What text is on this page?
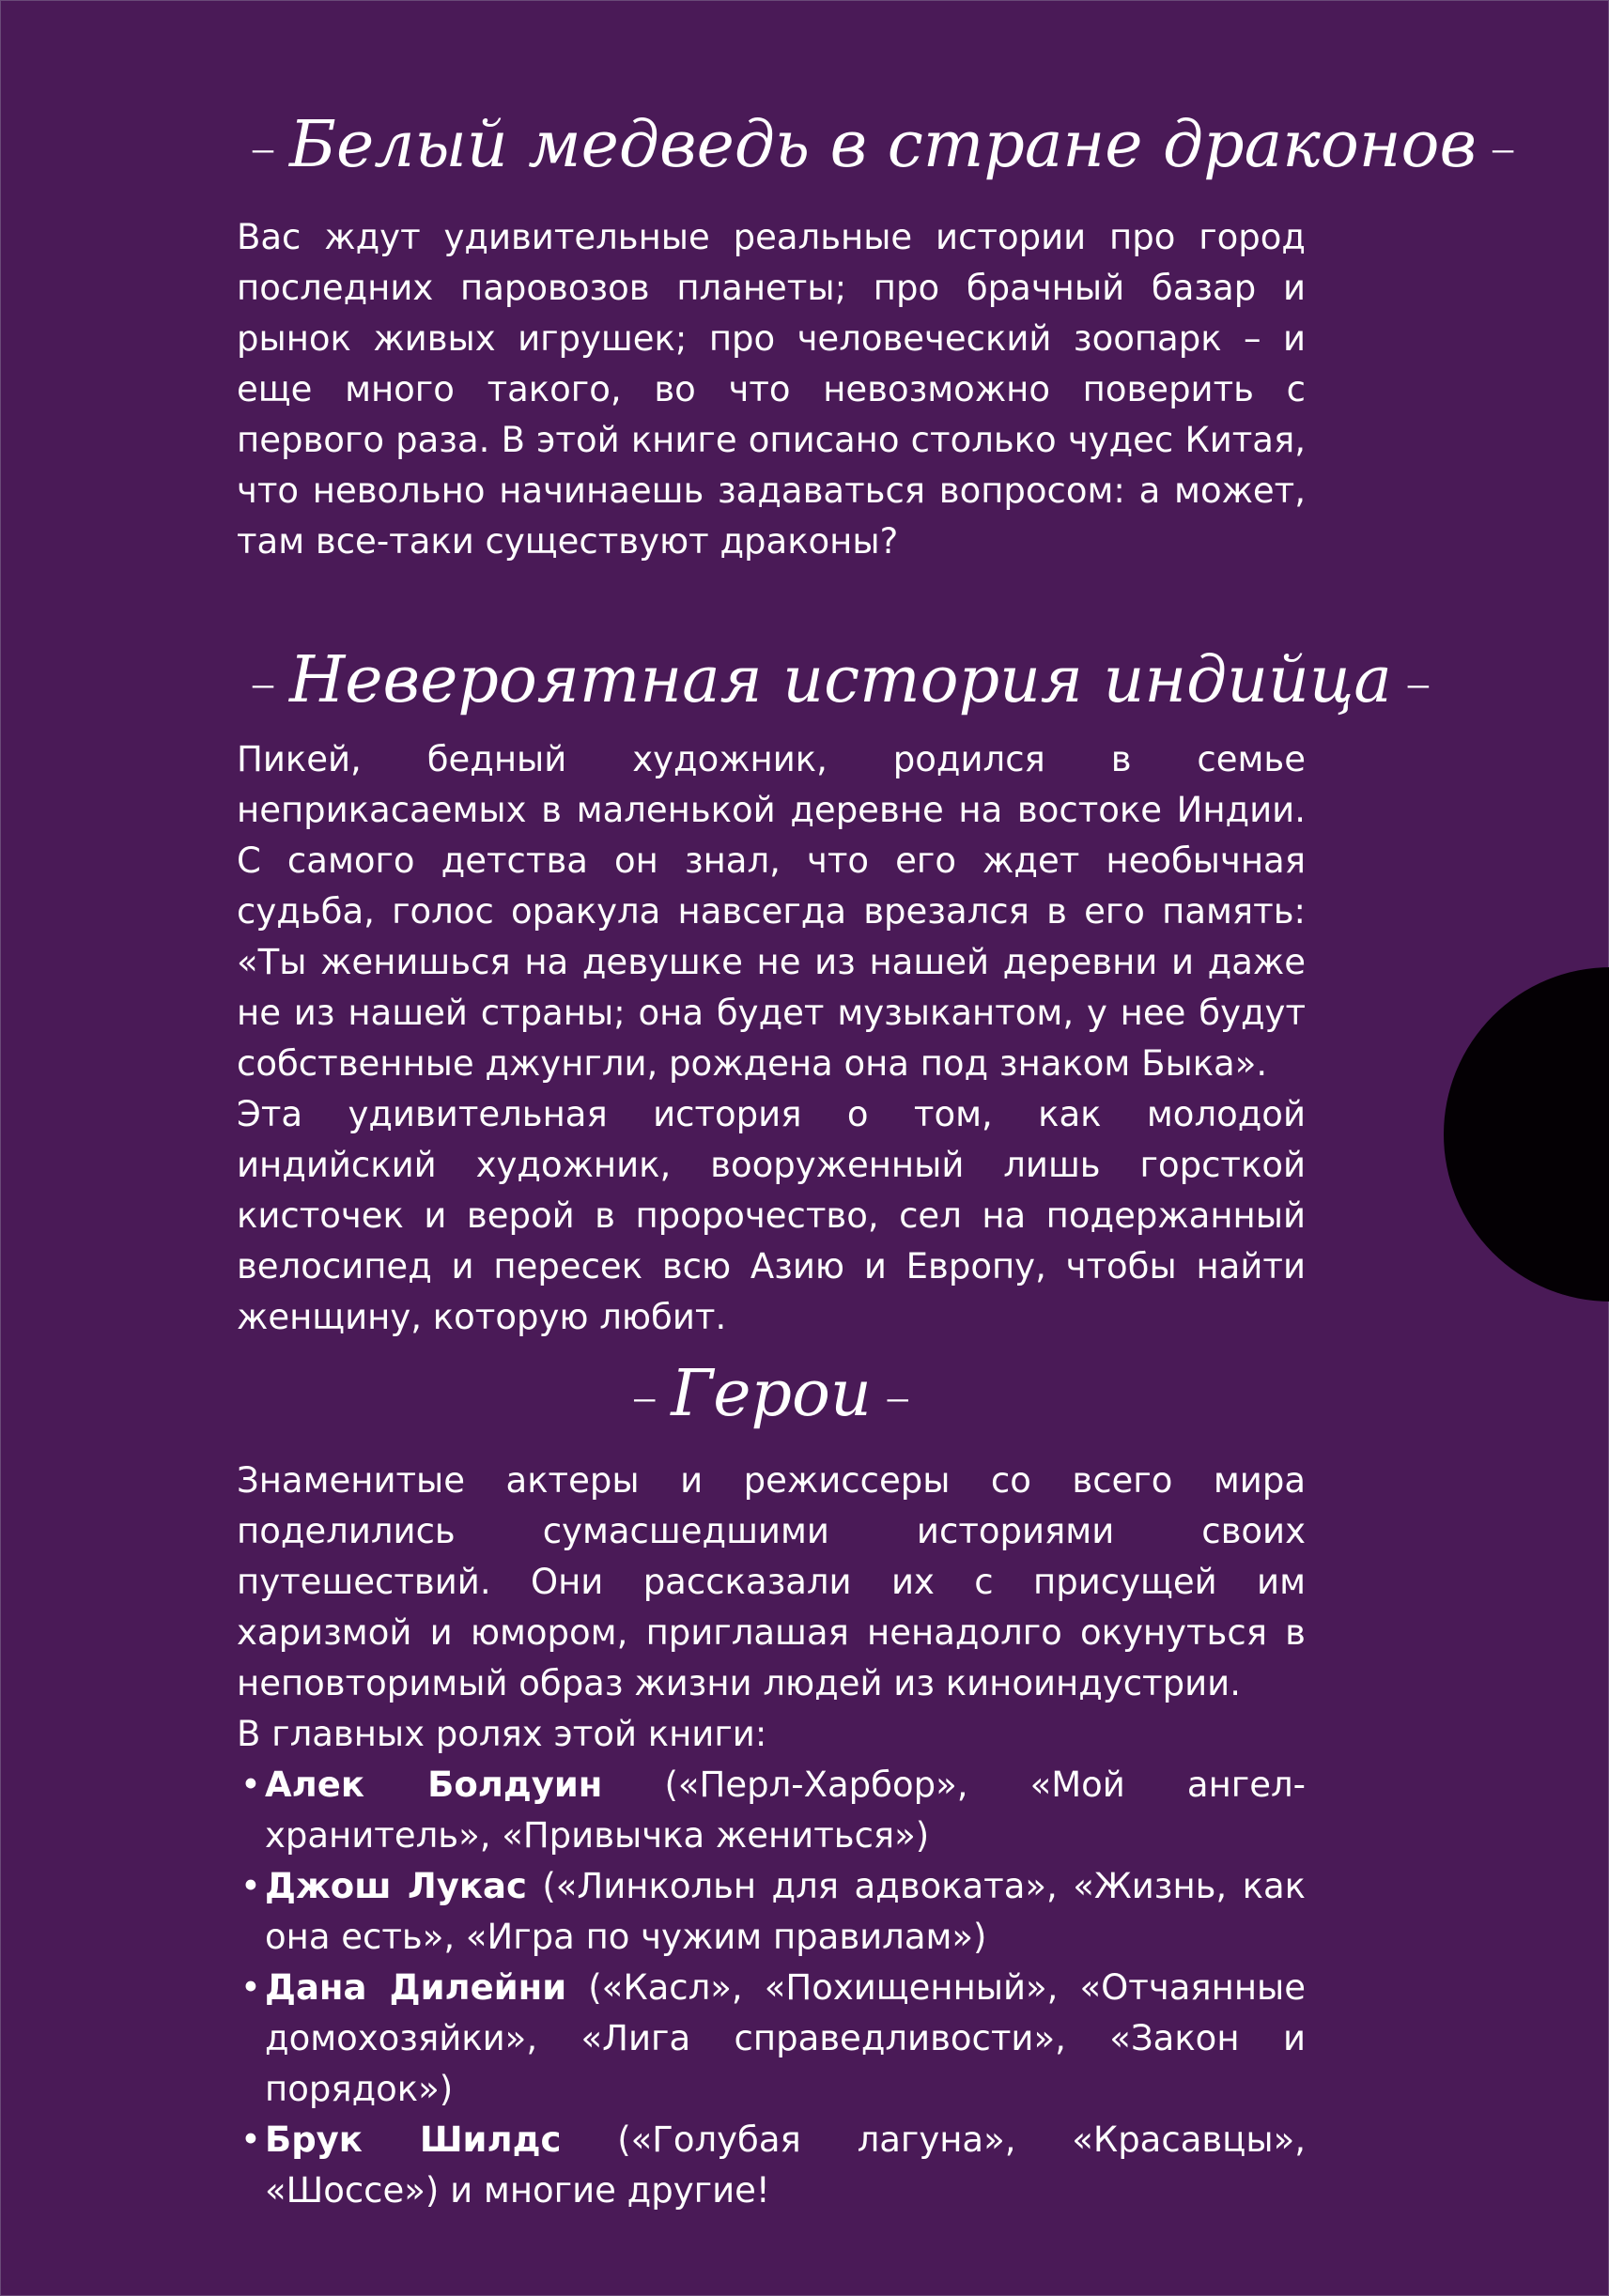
– Белый медведь в стране драконов –

Вас ждут удивительные реальные истории про город последних паровозов планеты; про брачный базар и рынок живых игрушек; про человеческий зоопарк – и еще много такого, во что невозможно поверить с первого раза. В этой книге описано столько чудес Китая, что невольно начинаешь задаваться вопросом: а может, там все-таки существуют драконы?

– Невероятная история индийца –

Пикей, бедный художник, родился в семье неприкасаемых в маленькой деревне на востоке Индии. С самого детства он знал, что его ждет необычная судьба, голос оракула навсегда врезался в его память: «Ты женишься на девушке не из нашей деревни и даже не из нашей страны; она будет музыкантом, у нее будут собственные джунгли, рождена она под знаком Быка».

Эта удивительная история о том, как молодой индийский художник, вооруженный лишь горсткой кисточек и верой в пророчество, сел на подержанный велосипед и пересек всю Азию и Европу, чтобы найти женщину, которую любит.

– Герои –

Знаменитые актеры и режиссеры со всего мира поделились сумасшедшими историями своих путешествий. Они рассказали их с присущей им харизмой и юмором, приглашая ненадолго окунуться в неповторимый образ жизни людей из киноиндустрии.

В главных ролях этой книги:

• Алек Болдуин («Перл-Харбор», «Мой ангел-хранитель», «Привычка жениться»)
• Джош Лукас («Линкольн для адвоката», «Жизнь, как она есть», «Игра по чужим правилам»)
• Дана Дилейни («Касл», «Похищенный», «Отчаянные домохозяйки», «Лига справедливости», «Закон и порядок»)
• Брук Шилдс («Голубая лагуна», «Красавцы», «Шоссе») и многие другие!
